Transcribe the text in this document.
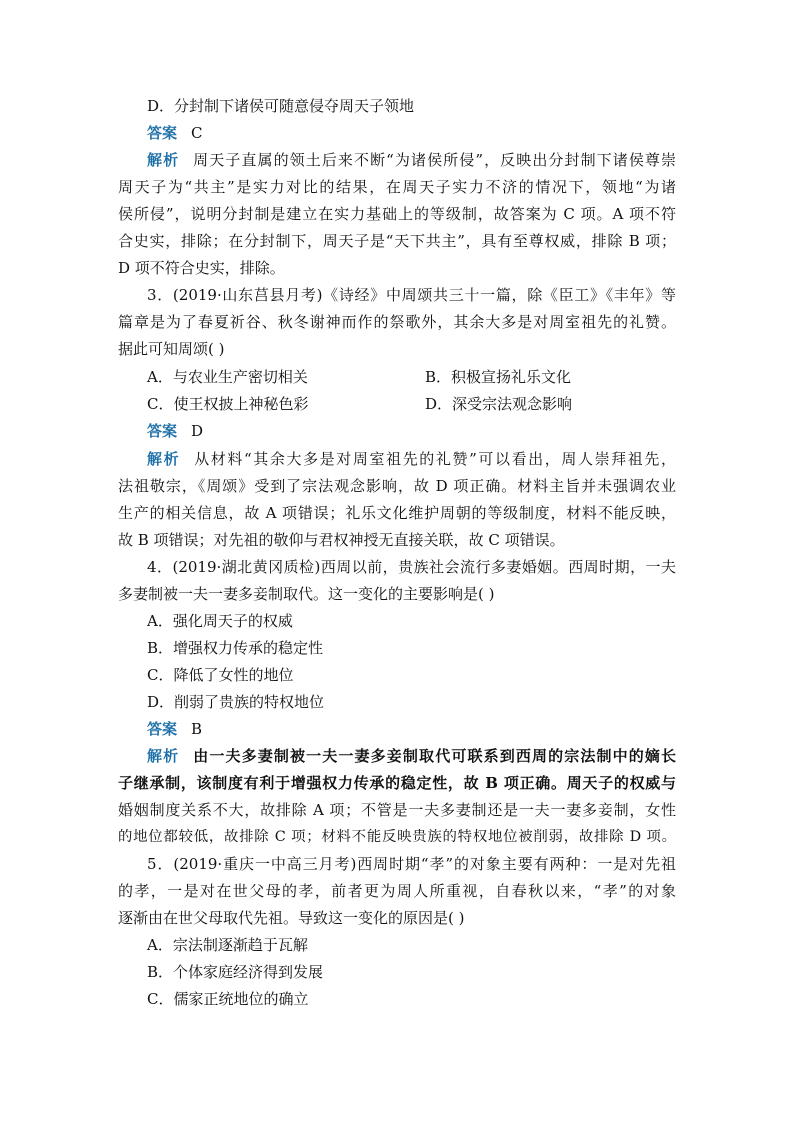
D．分封制下诸侯可随意侵夺周天子领地
答案 C
解析 周天子直属的领土后来不断“为诸侯所侵”，反映出分封制下诸侯尊崇
周天子为“共主”是实力对比的结果，在周天子实力不济的情况下，领地“为诸
侯所侵”，说明分封制是建立在实力基础上的等级制，故答案为 C 项。A 项不符
合史实，排除；在分封制下，周天子是“天下共主”，具有至尊权威，排除 B 项；
D 项不符合史实，排除。
3．(2019·山东莒县月考)《诗经》中周颂共三十一篇，除《臣工》《丰年》等
篇章是为了春夏祈谷、秋冬谢神而作的祭歌外，其余大多是对周室祖先的礼赞。
据此可知周颂( )
A．与农业生产密切相关	B．积极宣扬礼乐文化
C．使王权披上神秘色彩	D．深受宗法观念影响
答案 D
解析 从材料“其余大多是对周室祖先的礼赞”可以看出，周人崇拜祖先，
法祖敬宗，《周颂》受到了宗法观念影响，故 D 项正确。材料主旨并未强调农业
生产的相关信息，故 A 项错误；礼乐文化维护周朝的等级制度，材料不能反映，
故 B 项错误；对先祖的敬仰与君权神授无直接关联，故 C 项错误。
4．(2019·湖北黄冈质检)西周以前，贵族社会流行多妻婚姻。西周时期，一夫
多妻制被一夫一妻多妾制取代。这一变化的主要影响是( )
A．强化周天子的权威
B．增强权力传承的稳定性
C．降低了女性的地位
D．削弱了贵族的特权地位
答案 B
解析 由一夫多妻制被一夫一妻多妾制取代可联系到西周的宗法制中的嫡长
子继承制，该制度有利于增强权力传承的稳定性，故 B 项正确。周天子的权威与
婚姻制度关系不大，故排除 A 项；不管是一夫多妻制还是一夫一妻多妾制，女性
的地位都较低，故排除 C 项；材料不能反映贵族的特权地位被削弱，故排除 D 项。
5．(2019·重庆一中高三月考)西周时期“孝”的对象主要有两种：一是对先祖
的孝，一是对在世父母的孝，前者更为周人所重视，自春秋以来，“孝”的对象
逐渐由在世父母取代先祖。导致这一变化的原因是( )
A．宗法制逐渐趋于瓦解
B．个体家庭经济得到发展
C．儒家正统地位的确立
